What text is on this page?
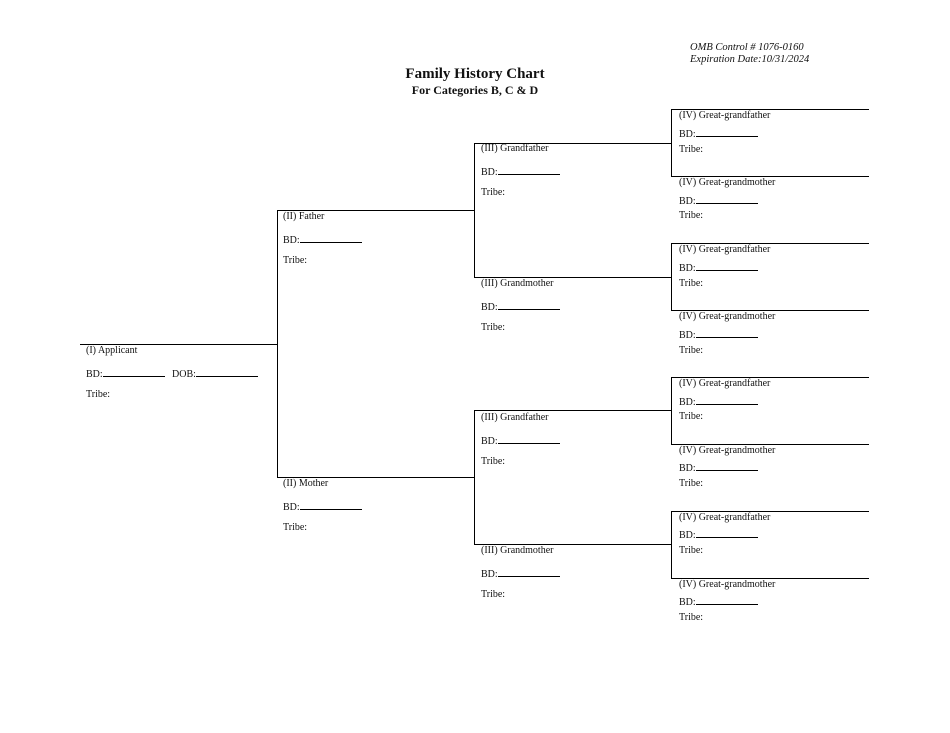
OMB Control # 1076-0160
Expiration Date:10/31/2024
Family History Chart
For Categories B, C & D
(I) Applicant
BD:	DOB:
Tribe:
(II) Father
BD:
Tribe:
(II) Mother
BD:
Tribe:
(III) Grandfather
BD:
Tribe:
(III) Grandmother
BD:
Tribe:
(III) Grandfather
BD:
Tribe:
(III) Grandmother
BD:
Tribe:
(IV) Great-grandfather
BD:
Tribe:
(IV) Great-grandmother
BD:
Tribe:
(IV) Great-grandfather
BD:
Tribe:
(IV) Great-grandmother
BD:
Tribe:
(IV) Great-grandfather
BD:
Tribe:
(IV) Great-grandmother
BD:
Tribe:
(IV) Great-grandfather
BD:
Tribe:
(IV) Great-grandmother
BD:
Tribe:
